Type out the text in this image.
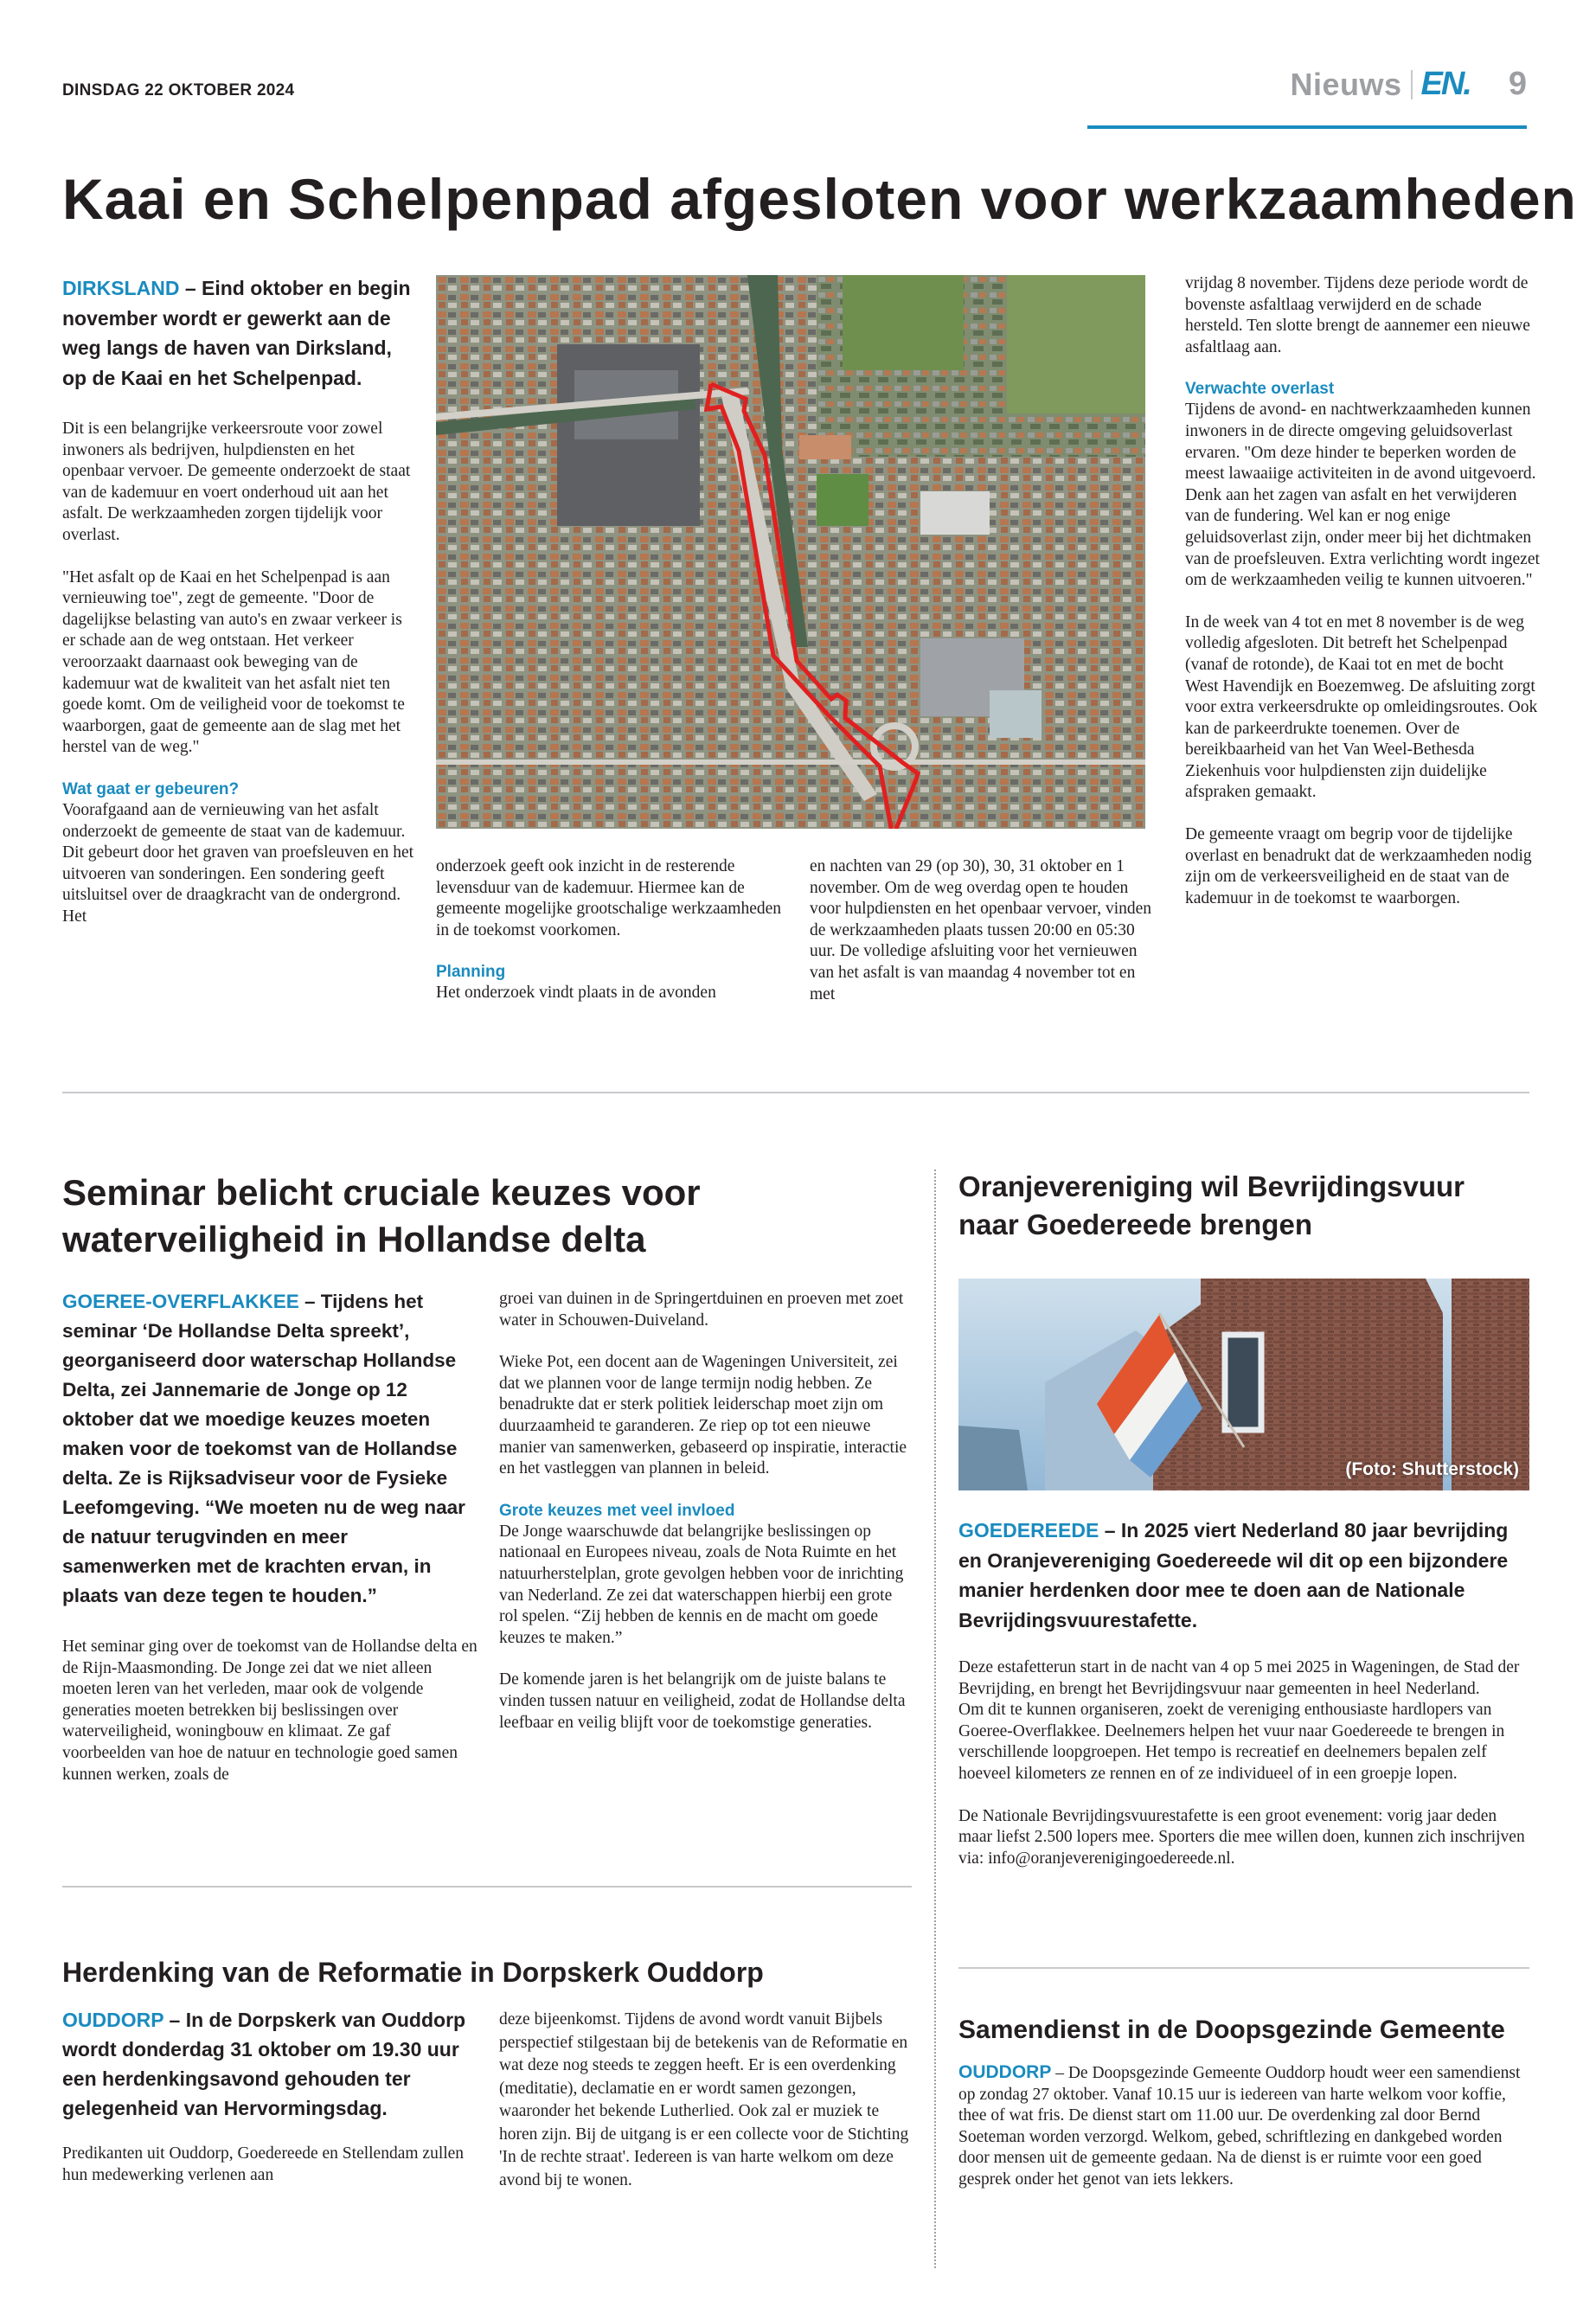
DINSDAG 22 OKTOBER 2024	Nieuws EN. 9
Kaai en Schelpenpad afgesloten voor werkzaamheden
DIRKSLAND – Eind oktober en begin november wordt er gewerkt aan de weg langs de haven van Dirksland, op de Kaai en het Schelpenpad.

Dit is een belangrijke verkeersroute voor zowel inwoners als bedrijven, hulpdiensten en het openbaar vervoer. De gemeente onderzoekt de staat van de kademuur en voert onderhoud uit aan het asfalt. De werkzaamheden zorgen tijdelijk voor overlast.

"Het asfalt op de Kaai en het Schelpenpad is aan vernieuwing toe", zegt de gemeente. "Door de dagelijkse belasting van auto's en zwaar verkeer is er schade aan de weg ontstaan. Het verkeer veroorzaakt daarnaast ook beweging van de kademuur wat de kwaliteit van het asfalt niet ten goede komt. Om de veiligheid voor de toekomst te waarborgen, gaat de gemeente aan de slag met het herstel van de weg."

Wat gaat er gebeuren?

Voorafgaand aan de vernieuwing van het asfalt onderzoekt de gemeente de staat van de kademuur. Dit gebeurt door het graven van proefsleuven en het uitvoeren van sonderingen. Een sondering geeft uitsluitsel over de draagkracht van de ondergrond. Het

onderzoek geeft ook inzicht in de resterende levensduur van de kademuur. Hiermee kan de gemeente mogelijke grootschalige werkzaamheden in de toekomst voorkomen.

Planning

Het onderzoek vindt plaats in de avonden

en nachten van 29 (op 30), 30, 31 oktober en 1 november. Om de weg overdag open te houden voor hulpdiensten en het openbaar vervoer, vinden de werkzaamheden plaats tussen 20:00 en 05:30 uur. De volledige afsluiting voor het vernieuwen van het asfalt is van maandag 4 november tot en met

vrijdag 8 november. Tijdens deze periode wordt de bovenste asfaltlaag verwijderd en de schade hersteld. Ten slotte brengt de aannemer een nieuwe asfaltlaag aan.

Verwachte overlast

Tijdens de avond- en nachtwerkzaamheden kunnen inwoners in de directe omgeving geluidsoverlast ervaren. "Om deze hinder te beperken worden de meest lawaaiige activiteiten in de avond uitgevoerd. Denk aan het zagen van asfalt en het verwijderen van de fundering. Wel kan er nog enige geluidsoverlast zijn, onder meer bij het dichtmaken van de proefsleuven. Extra verlichting wordt ingezet om de werkzaamheden veilig te kunnen uitvoeren."

In de week van 4 tot en met 8 november is de weg volledig afgesloten. Dit betreft het Schelpenpad (vanaf de rotonde), de Kaai tot en met de bocht West Havendijk en Boezemweg. De afsluiting zorgt voor extra verkeersdrukte op omleidingsroutes. Ook kan de parkeerdrukte toenemen. Over de bereikbaarheid van het Van Weel-Bethesda Ziekenhuis voor hulpdiensten zijn duidelijke afspraken gemaakt.

De gemeente vraagt om begrip voor de tijdelijke overlast en benadrukt dat de werkzaamheden nodig zijn om de verkeersveiligheid en de staat van de kademuur in de toekomst te waarborgen.

Seminar belicht cruciale keuzes voor waterveiligheid in Hollandse delta
GOEREE-OVERFLAKKEE – Tijdens het seminar ‘De Hollandse Delta spreekt’, georganiseerd door waterschap Hollandse Delta, zei Jannemarie de Jonge op 12 oktober dat we moedige keuzes moeten maken voor de toekomst van de Hollandse delta. Ze is Rijksadviseur voor de Fysieke Leefomgeving. “We moeten nu de weg naar de natuur terugvinden en meer samenwerken met de krachten ervan, in plaats van deze tegen te houden.”

Het seminar ging over de toekomst van de Hollandse delta en de Rijn-Maasmonding. De Jonge zei dat we niet alleen moeten leren van het verleden, maar ook de volgende generaties moeten betrekken bij beslissingen over waterveiligheid, woningbouw en klimaat. Ze gaf voorbeelden van hoe de natuur en technologie goed samen kunnen werken, zoals de

groei van duinen in de Springertduinen en proeven met zoet water in Schouwen-Duiveland.

Wieke Pot, een docent aan de Wageningen Universiteit, zei dat we plannen voor de lange termijn nodig hebben. Ze benadrukte dat er sterk politiek leiderschap moet zijn om duurzaamheid te garanderen. Ze riep op tot een nieuwe manier van samenwerken, gebaseerd op inspiratie, interactie en het vastleggen van plannen in beleid.

Grote keuzes met veel invloed

De Jonge waarschuwde dat belangrijke beslissingen op nationaal en Europees niveau, zoals de Nota Ruimte en het natuurherstelplan, grote gevolgen hebben voor de inrichting van Nederland. Ze zei dat waterschappen hierbij een grote rol spelen. “Zij hebben de kennis en de macht om goede keuzes te maken.”

De komende jaren is het belangrijk om de juiste balans te vinden tussen natuur en veiligheid, zodat de Hollandse delta leefbaar en veilig blijft voor de toekomstige generaties.

Herdenking van de Reformatie in Dorpskerk Ouddorp
OUDDORP – In de Dorpskerk van Ouddorp wordt donderdag 31 oktober om 19.30 uur een herdenkingsavond gehouden ter gelegenheid van Hervormingsdag.

Predikanten uit Ouddorp, Goedereede en Stellendam zullen hun medewerking verlenen aan

deze bijeenkomst. Tijdens de avond wordt vanuit Bijbels perspectief stilgestaan bij de betekenis van de Reformatie en wat deze nog steeds te zeggen heeft. Er is een overdenking (meditatie), declamatie en er wordt samen gezongen, waaronder het bekende Lutherlied. Ook zal er muziek te horen zijn. Bij de uitgang is er een collecte voor de Stichting 'In de rechte straat'. Iedereen is van harte welkom om deze avond bij te wonen.

Oranjevereniging wil Bevrijdingsvuur naar Goedereede brengen
(Foto: Shutterstock)
GOEDEREEDE – In 2025 viert Nederland 80 jaar bevrijding en Oranjevereniging Goedereede wil dit op een bijzondere manier herdenken door mee te doen aan de Nationale Bevrijdingsvuurestafette.

Deze estafetterun start in de nacht van 4 op 5 mei 2025 in Wageningen, de Stad der Bevrijding, en brengt het Bevrijdingsvuur naar gemeenten in heel Nederland.

Om dit te kunnen organiseren, zoekt de vereniging enthousiaste hardlopers van Goeree-Overflakkee. Deelnemers helpen het vuur naar Goedereede te brengen in verschillende loopgroepen. Het tempo is recreatief en deelnemers bepalen zelf hoeveel kilometers ze rennen en of ze individueel of in een groepje lopen.

De Nationale Bevrijdingsvuurestafette is een groot evenement: vorig jaar deden maar liefst 2.500 lopers mee. Sporters die mee willen doen, kunnen zich inschrijven via: info@oranjeverenigingoedereede.nl.

Samendienst in de Doopsgezinde Gemeente
OUDDORP – De Doopsgezinde Gemeente Ouddorp houdt weer een samendienst op zondag 27 oktober. Vanaf 10.15 uur is iedereen van harte welkom voor koffie, thee of wat fris. De dienst start om 11.00 uur. De overdenking zal door Bernd Soeteman worden verzorgd. Welkom, gebed, schriftlezing en dankgebed worden door mensen uit de gemeente gedaan. Na de dienst is er ruimte voor een goed gesprek onder het genot van iets lekkers.
